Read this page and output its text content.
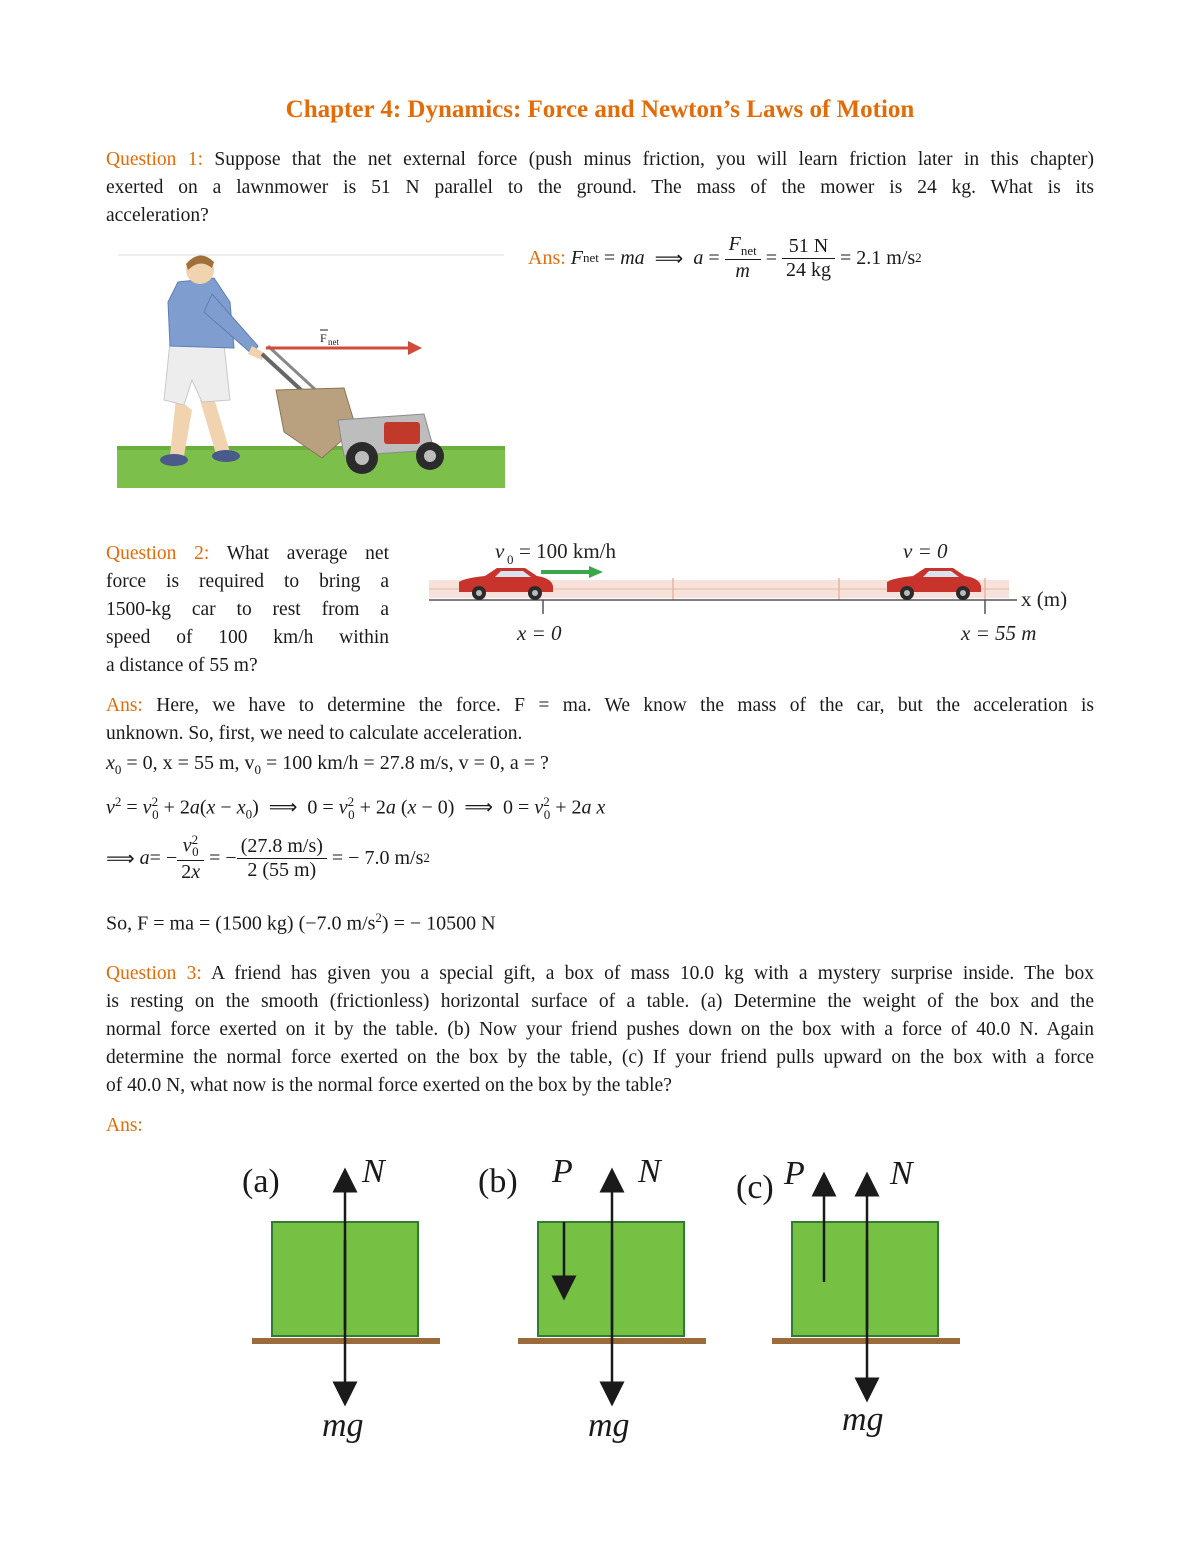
Chapter 4: Dynamics: Force and Newton’s Laws of Motion
Question 1: Suppose that the net external force (push minus friction, you will learn friction later in this chapter)
exerted on a lawnmower is 51 N parallel to the ground. The mass of the mower is 24 kg. What is its
acceleration?
Ans:
F net = ma ⟹ $a = \frac{F_{net}}{m} = \frac{51 N}{24 kg}$
= 2.1 m/s 2
F net
Question 2: What average net
force is required to bring a
1500-kg car to rest from a
speed of 100 km/h within
a distance of 55 m?
v 0 = 100 km/h	v = 0
x (m)
x = 0	x = 55 m
Ans: Here, we have to determine the force. F = ma. We know the mass of the car, but the acceleration is
unknown. So, first, we need to calculate acceleration.
$x_0 = 0$, x = 55 m, $v_0 = 100$ km/h = 27.8 m/s, v = 0, a = ?
$v^2 = v^2_0 + 2a(x - x_0)$  ⟹  $0 = v^2_0 + 2a$ (x − 0)  ⟹  $0 = v^2_0 + 2a$ x
⟹ a = − $\frac{v^2_0}{2x}$ = − $\frac{(27.8 m/s)}{2 (55 m)}$
= − 7.0 m/s 2
So, F = ma = (1500 kg) (−7.0 $m/s^2$) = − 10500 N
Question 3: A friend has given you a special gift, a box of mass 10.0 kg with a mystery surprise inside. The box
is resting on the smooth (frictionless) horizontal surface of a table. (a) Determine the weight of the box and the
normal force exerted on it by the table. (b) Now your friend pushes down on the box with a force of 40.0 N. Again
determine the normal force exerted on the box by the table, (c) If your friend pulls upward on the box with a force
of 40.0 N, what now is the normal force exerted on the box by the table?
Ans:
(a) N
mg
(b) P N
mg
(c) P	N
mg
